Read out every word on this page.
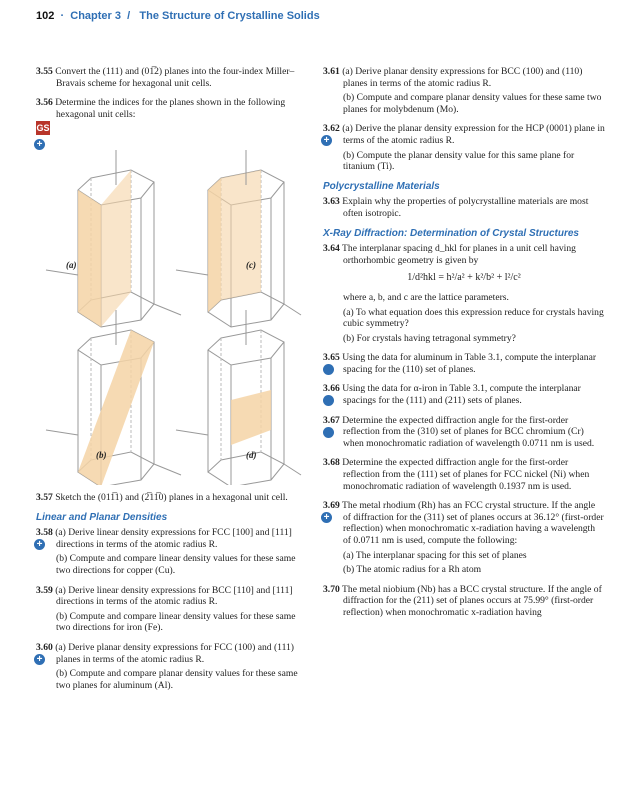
102  ·  Chapter 3 / The Structure of Crystalline Solids
3.55 Convert the (111) and (01̅2) planes into the four-index Miller–Bravais scheme for hexagonal unit cells.
3.56 Determine the indices for the planes shown in the following hexagonal unit cells:
GS
+
(a)	(c)
(b)	(d)
3.57 Sketch the (011̅1) and (2̅11̅0) planes in a hexagonal unit cell.
Linear and Planar Densities
3.58 (a) Derive linear density expressions for FCC [100] and [111] directions in terms of the atomic radius R.
(b) Compute and compare linear density values for these same two directions for copper (Cu).
+
3.59 (a) Derive linear density expressions for BCC [110] and [111] directions in terms of the atomic radius R.
(b) Compute and compare linear density values for these same two directions for iron (Fe).
3.60 (a) Derive planar density expressions for FCC (100) and (111) planes in terms of the atomic radius R.
(b) Compute and compare planar density values for these same two planes for aluminum (Al).
+
3.61 (a) Derive planar density expressions for BCC (100) and (110) planes in terms of the atomic radius R.
(b) Compute and compare planar density values for these same two planes for molybdenum (Mo).
3.62 (a) Derive the planar density expression for the HCP (0001) plane in terms of the atomic radius R.
(b) Compute the planar density value for this same plane for titanium (Ti).
+
Polycrystalline Materials
3.63 Explain why the properties of polycrystalline materials are most often isotropic.
X-Ray Diffraction: Determination of Crystal Structures
3.64 The interplanar spacing d_hkl for planes in a unit cell having orthorhombic geometry is given by
1/d²hkl = h²/a² + k²/b² + l²/c²
where a, b, and c are the lattice parameters.
(a) To what equation does this expression reduce for crystals having cubic symmetry?
(b) For crystals having tetragonal symmetry?
+
3.65 Using the data for aluminum in Table 3.1, compute the interplanar spacing for the (110) set of planes.
+
3.66 Using the data for α-iron in Table 3.1, compute the interplanar spacings for the (111) and (211) sets of planes.
+
3.67 Determine the expected diffraction angle for the first-order reflection from the (310) set of planes for BCC chromium (Cr) when monochromatic radiation of wavelength 0.0711 nm is used.
3.68 Determine the expected diffraction angle for the first-order reflection from the (111) set of planes for FCC nickel (Ni) when monochromatic radiation of wavelength 0.1937 nm is used.
3.69 The metal rhodium (Rh) has an FCC crystal structure. If the angle of diffraction for the (311) set of planes occurs at 36.12° (first-order reflection) when monochromatic x-radiation having a wavelength of 0.0711 nm is used, compute the following:
(a) The interplanar spacing for this set of planes
(b) The atomic radius for a Rh atom
+
3.70 The metal niobium (Nb) has a BCC crystal structure. If the angle of diffraction for the (211) set of planes occurs at 75.99° (first-order reflection) when monochromatic x-radiation having
